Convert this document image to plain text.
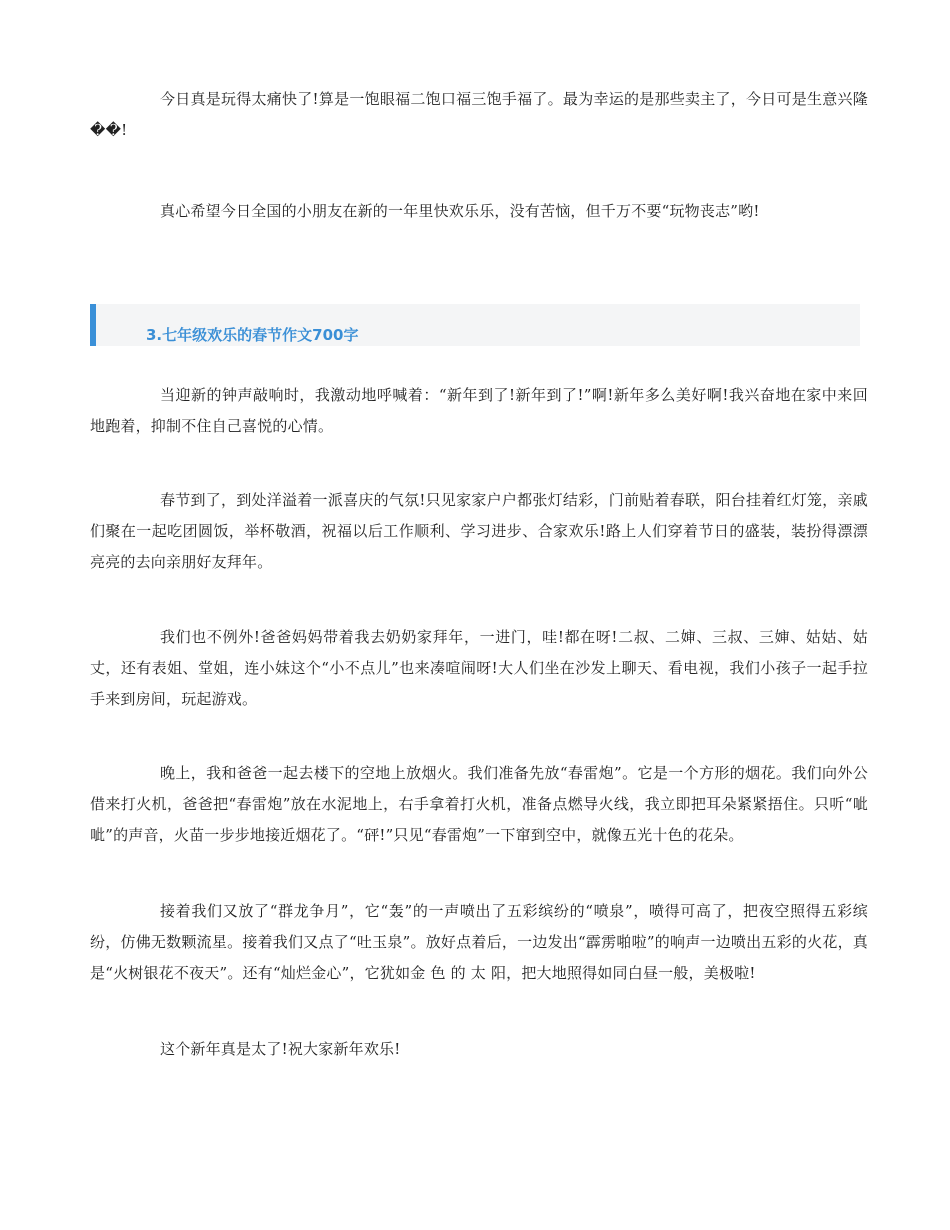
今日真是玩得太痛快了!算是一饱眼福二饱口福三饱手福了。最为幸运的是那些卖主了，今日可是生意兴隆��!

真心希望今日全国的小朋友在新的一年里快欢乐乐，没有苦恼，但千万不要“玩物丧志”哟!

3.七年级欢乐的春节作文700字

当迎新的钟声敲响时，我激动地呼喊着：“新年到了!新年到了!”啊!新年多么美好啊!我兴奋地在家中来回地跑着，抑制不住自己喜悦的心情。

春节到了，到处洋溢着一派喜庆的气氛!只见家家户户都张灯结彩，门前贴着春联，阳台挂着红灯笼，亲戚们聚在一起吃团圆饭，举杯敬酒，祝福以后工作顺利、学习进步、合家欢乐!路上人们穿着节日的盛装，装扮得漂漂亮亮的去向亲朋好友拜年。

我们也不例外!爸爸妈妈带着我去奶奶家拜年，一进门，哇!都在呀!二叔、二婶、三叔、三婶、姑姑、姑丈，还有表姐、堂姐，连小妹这个“小不点儿”也来凑喧闹呀!大人们坐在沙发上聊天、看电视，我们小孩子一起手拉手来到房间，玩起游戏。

晚上，我和爸爸一起去楼下的空地上放烟火。我们准备先放“春雷炮”。它是一个方形的烟花。我们向外公借来打火机，爸爸把“春雷炮”放在水泥地上，右手拿着打火机，准备点燃导火线，我立即把耳朵紧紧捂住。只听“呲呲”的声音，火苗一步步地接近烟花了。“砰!”只见“春雷炮”一下窜到空中，就像五光十色的花朵。

接着我们又放了“群龙争月”，它“轰”的一声喷出了五彩缤纷的“喷泉”，喷得可高了，把夜空照得五彩缤纷，仿佛无数颗流星。接着我们又点了“吐玉泉”。放好点着后，一边发出“霹雳啪啦”的响声一边喷出五彩的火花，真是“火树银花不夜天”。还有“灿烂金心”，它犹如金 色 的 太 阳，把大地照得如同白昼一般，美极啦!

这个新年真是太了!祝大家新年欢乐!
